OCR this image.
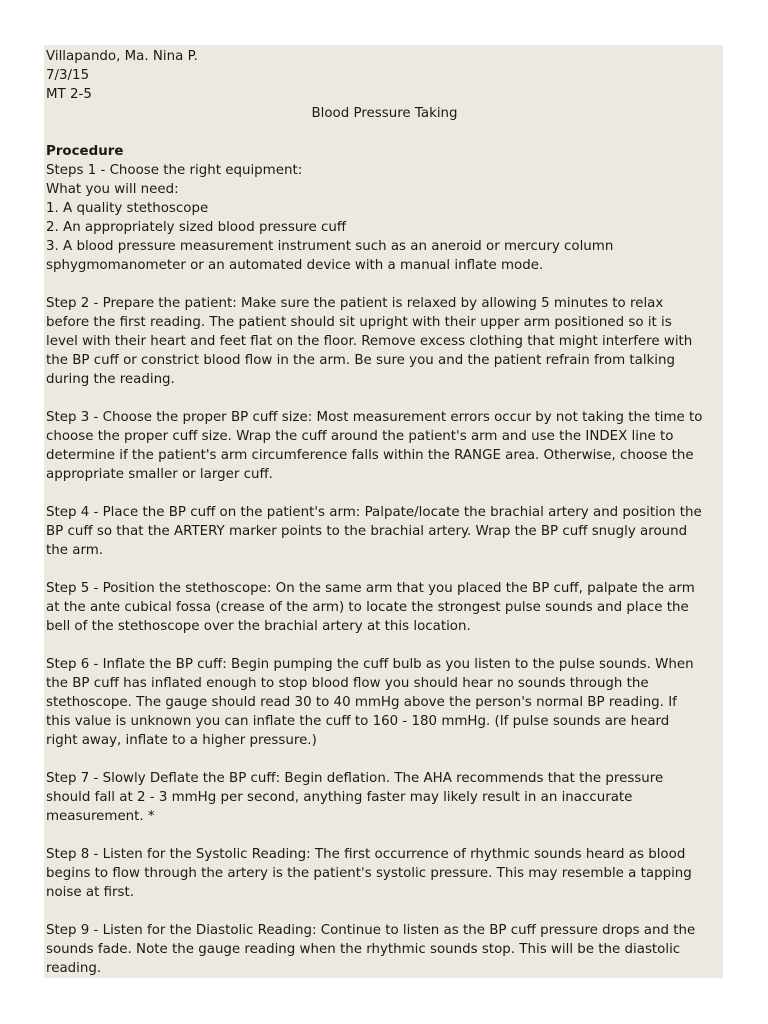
Villapando, Ma. Nina P.
7/3/15
MT 2-5
Blood Pressure Taking
Procedure
Steps 1 - Choose the right equipment:
What you will need:
1. A quality stethoscope
2. An appropriately sized blood pressure cuff
3. A blood pressure measurement instrument such as an aneroid or mercury column
sphygmomanometer or an automated device with a manual inflate mode.
Step 2 - Prepare the patient: Make sure the patient is relaxed by allowing 5 minutes to relax
before the first reading. The patient should sit upright with their upper arm positioned so it is
level with their heart and feet flat on the floor. Remove excess clothing that might interfere with
the BP cuff or constrict blood flow in the arm. Be sure you and the patient refrain from talking
during the reading.
Step 3 - Choose the proper BP cuff size: Most measurement errors occur by not taking the time to
choose the proper cuff size. Wrap the cuff around the patient's arm and use the INDEX line to
determine if the patient's arm circumference falls within the RANGE area. Otherwise, choose the
appropriate smaller or larger cuff.
Step 4 - Place the BP cuff on the patient's arm: Palpate/locate the brachial artery and position the
BP cuff so that the ARTERY marker points to the brachial artery. Wrap the BP cuff snugly around
the arm.
Step 5 - Position the stethoscope: On the same arm that you placed the BP cuff, palpate the arm
at the ante cubical fossa (crease of the arm) to locate the strongest pulse sounds and place the
bell of the stethoscope over the brachial artery at this location.
Step 6 - Inflate the BP cuff: Begin pumping the cuff bulb as you listen to the pulse sounds. When
the BP cuff has inflated enough to stop blood flow you should hear no sounds through the
stethoscope. The gauge should read 30 to 40 mmHg above the person's normal BP reading. If
this value is unknown you can inflate the cuff to 160 - 180 mmHg. (If pulse sounds are heard
right away, inflate to a higher pressure.)
Step 7 - Slowly Deflate the BP cuff: Begin deflation. The AHA recommends that the pressure
should fall at 2 - 3 mmHg per second, anything faster may likely result in an inaccurate
measurement. *
Step 8 - Listen for the Systolic Reading: The first occurrence of rhythmic sounds heard as blood
begins to flow through the artery is the patient's systolic pressure. This may resemble a tapping
noise at first.
Step 9 - Listen for the Diastolic Reading: Continue to listen as the BP cuff pressure drops and the
sounds fade. Note the gauge reading when the rhythmic sounds stop. This will be the diastolic
reading.
